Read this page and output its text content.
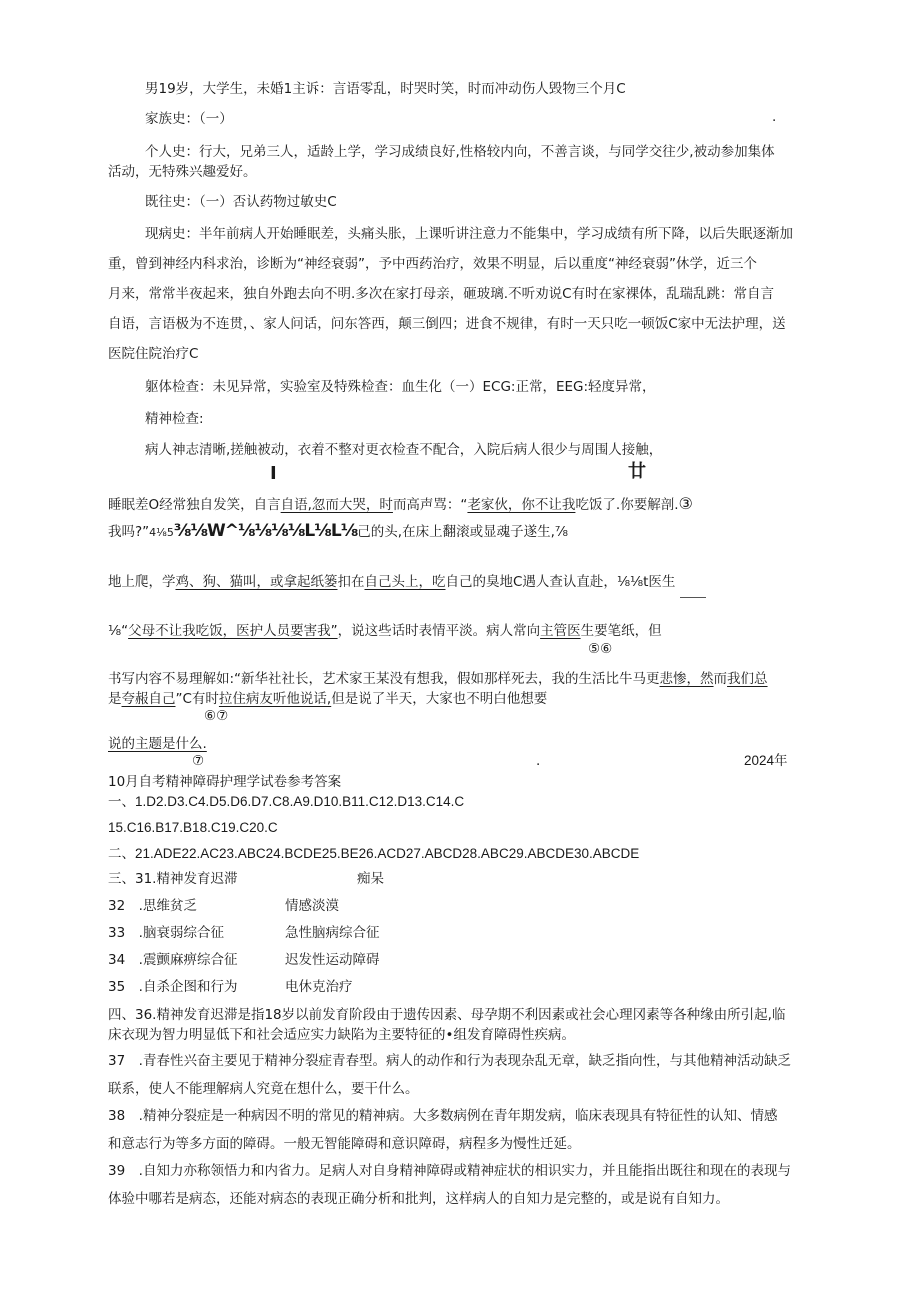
男19岁，大学生，未婚1主诉：言语零乱，时哭时笑，时而冲动伤人毁物三个月C
.
家族史：（一）
个人史：行大，兄弟三人，适龄上学，学习成绩良好,性格较内向，不善言谈，与同学交往少,被动参加集体
活动，无特殊兴趣爱好。
既往史：（一）否认药物过敏史C
现病史：半年前病人开始睡眠差，头痛头胀，上课听讲注意力不能集中，学习成绩有所下降，以后失眠逐渐加
重，曾到神经内科求治，诊断为“神经衰弱”，予中西药治疗，效果不明显，后以重度“神经衰弱”休学，近三个
月来，常常半夜起来，独自外跑去向不明.多次在家打母亲，砸玻璃.不听劝说C有时在家裸体，乱瑞乱跳：常自言
自语，言语极为不连贯，、家人问话，问东答西，颠三倒四；进食不规律，有时一天只吃一顿饭C家中无法护理，送
医院住院治疗C
躯体检查：未见异常，实验室及特殊检查：血生化（一）ECG:正常，EEG:轻度异常，
精神检查:
病人神志清晰,搓触被动，衣着不整对更衣检查不配合，入院后病人很少与周围人接触，
I	廿
睡眠差O经常独自发笑，自言自语,忽而大哭，时而高声骂：“老家伙，你不让我吃饭了.你要解剖.③
我吗?”4⅛5⅜⅛W^⅛⅛⅛⅛L⅛L⅛己的头,在床上翻滚或显魂子遂生,⅞
地上爬，学鸡、狗、猫叫，或拿起纸篓扣在自己头上，吃自己的臭地C遇人查认直赴，⅛⅛t医生
⅛“父母不让我吃饭，医护人员要害我”，说这些话时表情平淡。病人常向主管医生要笔纸，但
⑤⑥
书写内容不易理解如:“新华社社长，艺术家王某没有想我，假如那样死去，我的生活比牛马更悲惨，然而我们总
是夸赧自己”C有时拉住病友听他说话,但是说了半天，大家也不明白他想要
⑥⑦
说的主题是什么.
⑦	.	2024年
10月自考精神障碍护理学试卷参考答案
一、1.D2.D3.C4.D5.D6.D7.C8.A9.D10.B11.C12.D13.C14.C
15.C16.B17.B18.C19.C20.C
二、21.ADE22.AC23.ABC24.BCDE25.BE26.ACD27.ABCD28.ABC29.ABCDE30.ABCDE
三、31.精神发育迟滞	痴呆
32　.思维贫乏	情感淡漠
33　.脑衰弱综合征	急性脑病综合征
34　.震颤麻痹综合征	迟发性运动障碍
35　.自杀企图和行为	电休克治疗
四、36.精神发育迟滞是指18岁以前发育阶段由于遗传因素、母孕期不利因素或社会心理冈素等各种缘由所引起,临
床衣现为智力明显低下和社会适应实力缺陷为主要特征的•组发育障碍性疾病。
37　.青春性兴奋主要见于精神分裂症青春型。病人的动作和行为表现杂乱无章，缺乏指向性，与其他精神活动缺乏
联系，使人不能理解病人究竟在想什么，要干什么。
38　.精神分裂症是一种病因不明的常见的精神病。大多数病例在青年期发病，临床表现具有特征性的认知、情感
和意志行为等多方面的障碍。一般无智能障碍和意识障碍，病程多为慢性迁延。
39　.自知力亦称领悟力和内省力。足病人对自身精神障碍或精神症状的相识实力，并且能指出既往和现在的表现与
体验中哪若是病态，还能对病态的表现正确分析和批判，这样病人的自知力是完整的，或是说有自知力。
